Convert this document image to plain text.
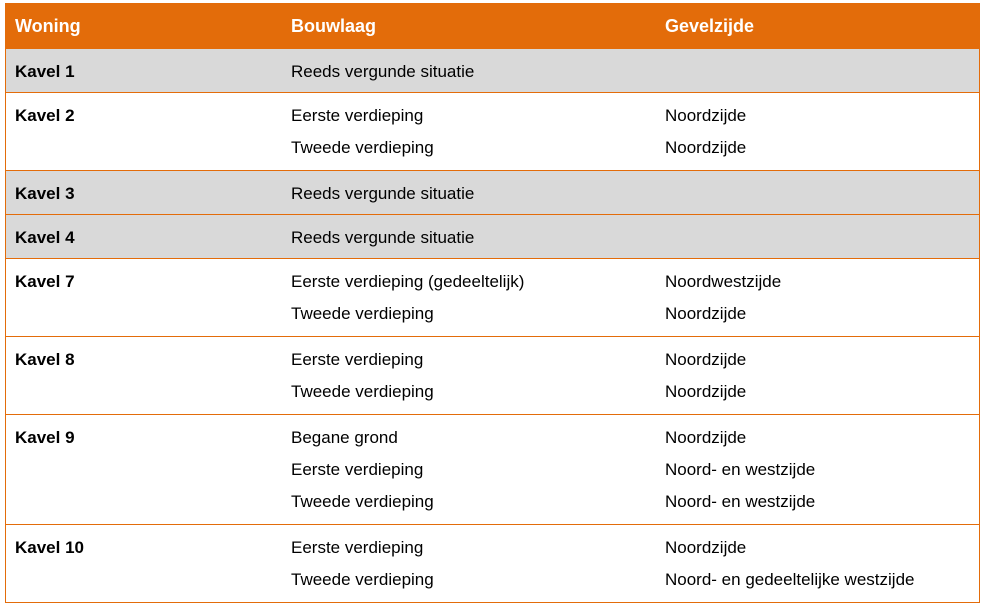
Woning	Bouwlaag	Gevelzijde
Kavel 1	Reeds vergunde situatie
Kavel 2	Eerste verdieping	Noordzijde
Tweede verdieping	Noordzijde
Kavel 3	Reeds vergunde situatie
Kavel 4	Reeds vergunde situatie
Kavel 7	Eerste verdieping (gedeeltelijk)	Noordwestzijde
Tweede verdieping	Noordzijde
Kavel 8	Eerste verdieping	Noordzijde
Tweede verdieping	Noordzijde
Kavel 9	Begane grond	Noordzijde
Eerste verdieping	Noord- en westzijde
Tweede verdieping	Noord- en westzijde
Kavel 10	Eerste verdieping	Noordzijde
Tweede verdieping	Noord- en gedeeltelijke westzijde
